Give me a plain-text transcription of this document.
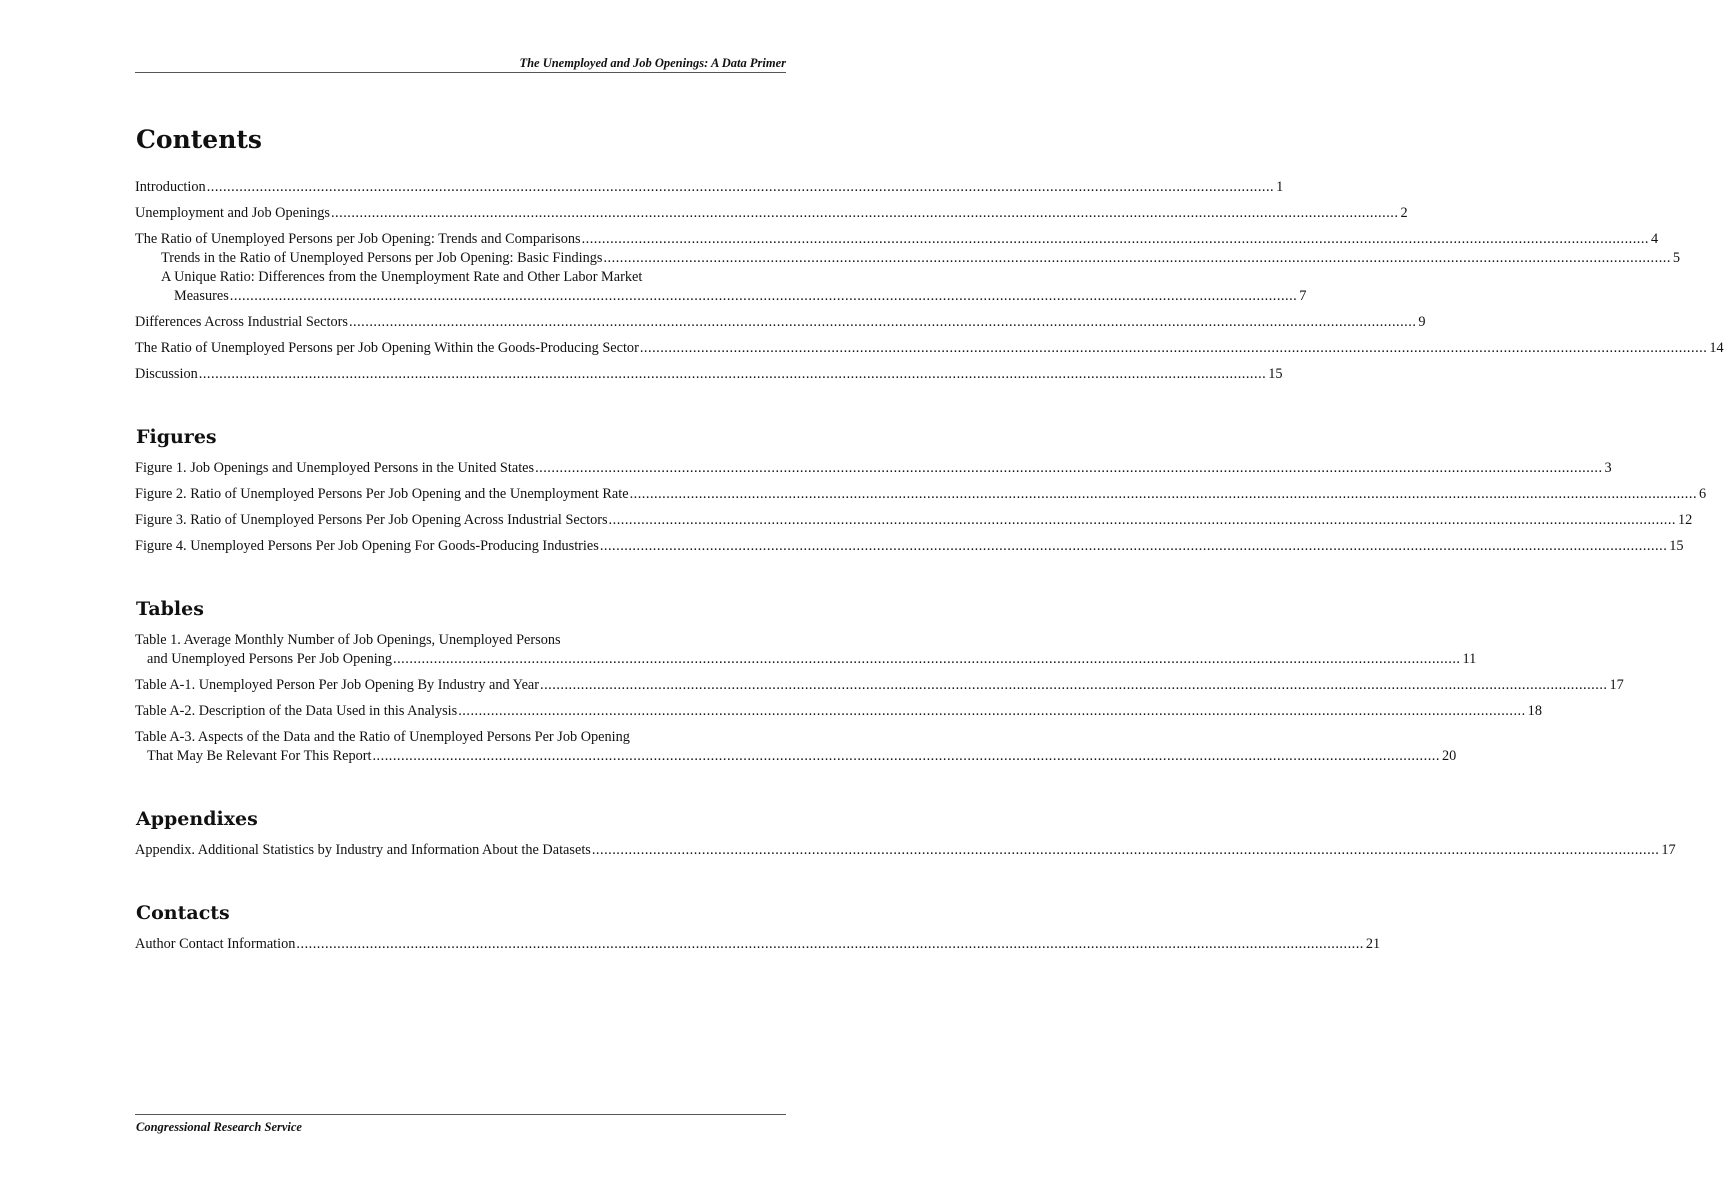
The Unemployed and Job Openings: A Data Primer
Contents
Introduction .....	1
Unemployment and Job Openings .....	2
The Ratio of Unemployed Persons per Job Opening: Trends and Comparisons .....	4
Trends in the Ratio of Unemployed Persons per Job Opening: Basic Findings .....	5
A Unique Ratio: Differences from the Unemployment Rate and Other Labor Market
Measures .....	7
Differences Across Industrial Sectors .....	9
The Ratio of Unemployed Persons per Job Opening Within the Goods-Producing Sector .....	14
Discussion .....	15
Figures
Figure 1. Job Openings and Unemployed Persons in the United States .....	3
Figure 2. Ratio of Unemployed Persons Per Job Opening and the Unemployment Rate .....	6
Figure 3. Ratio of Unemployed Persons Per Job Opening Across Industrial Sectors .....	12
Figure 4. Unemployed Persons Per Job Opening For Goods-Producing Industries .....	15
Tables
Table 1. Average Monthly Number of Job Openings, Unemployed Persons
and Unemployed Persons Per Job Opening .....	11
Table A-1. Unemployed Person Per Job Opening By Industry and Year .....	17
Table A-2. Description of the Data Used in this Analysis .....	18
Table A-3. Aspects of the Data and the Ratio of Unemployed Persons Per Job Opening
That May Be Relevant For This Report .....	20
Appendixes
Appendix. Additional Statistics by Industry and Information About the Datasets .....	17
Contacts
Author Contact Information .....	21
Congressional Research Service
